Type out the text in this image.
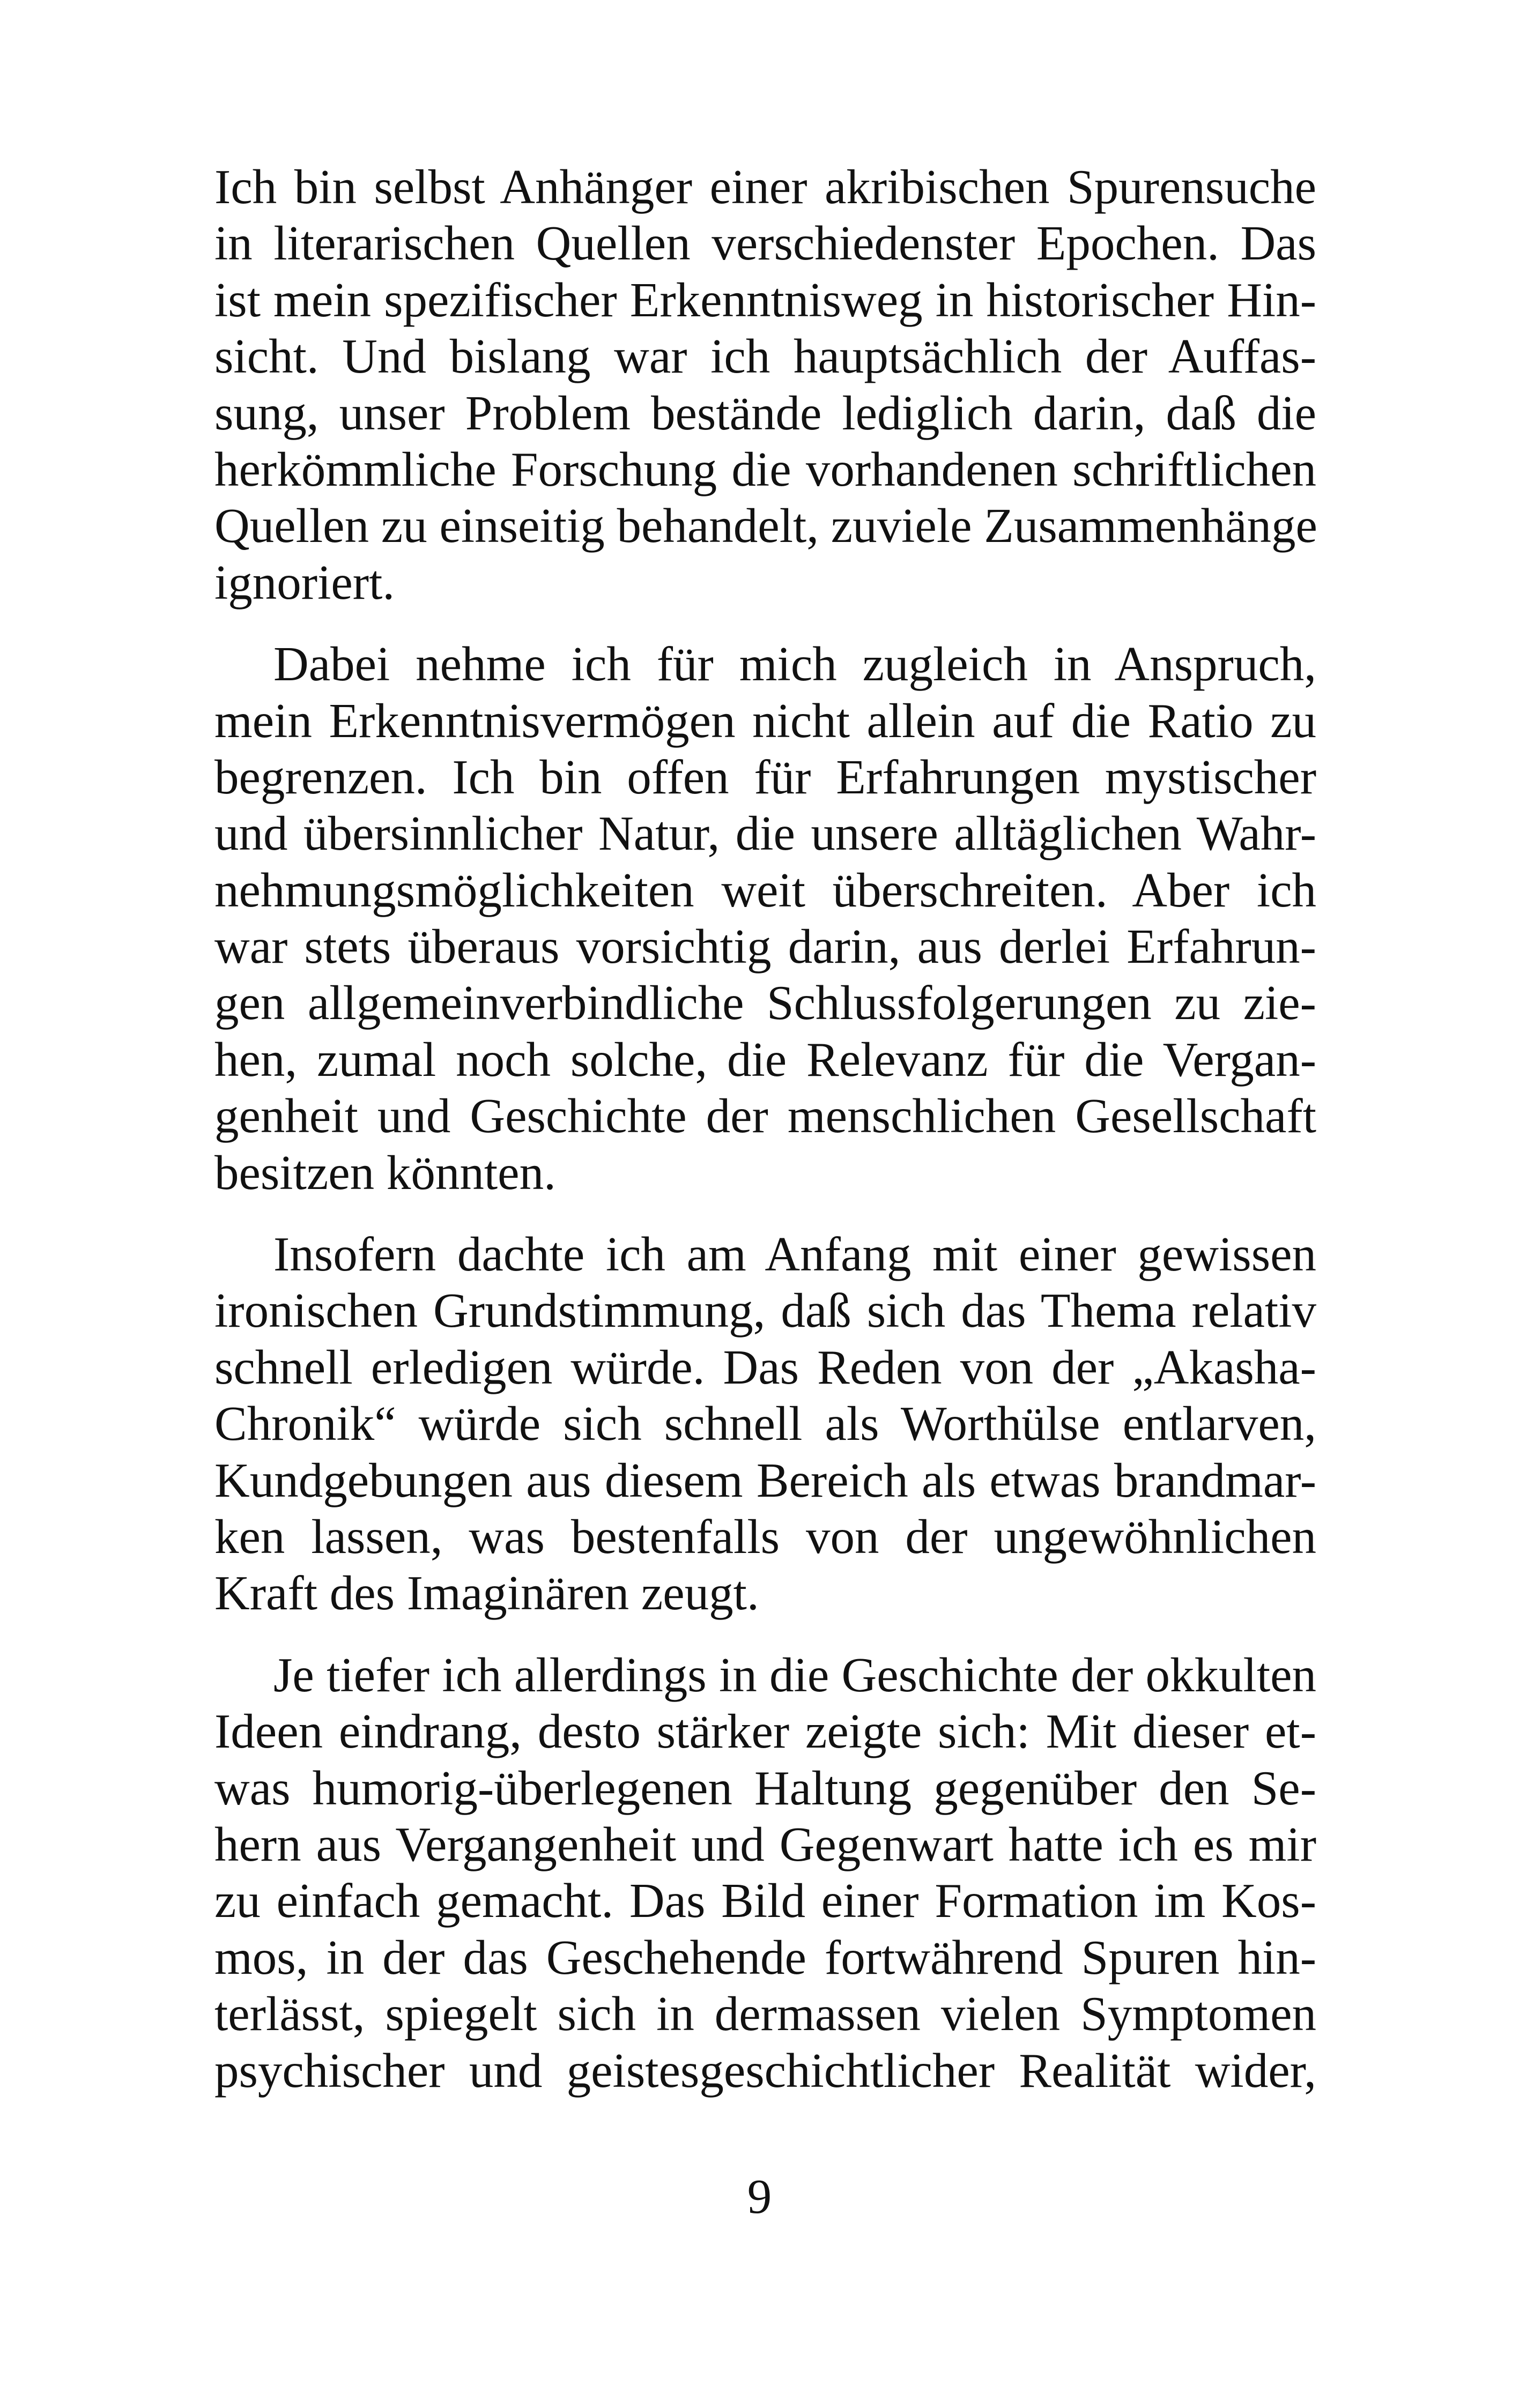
Ich bin selbst Anhänger einer akribischen Spurensuche
in literarischen Quellen verschiedenster Epochen. Das
ist mein spezifischer Erkenntnisweg in historischer Hin-
sicht. Und bislang war ich hauptsächlich der Auffas-
sung, unser Problem bestände lediglich darin, daß die
herkömmliche Forschung die vorhandenen schriftlichen
Quellen zu einseitig behandelt, zuviele Zusammenhänge
ignoriert.
Dabei nehme ich für mich zugleich in Anspruch,
mein Erkenntnisvermögen nicht allein auf die Ratio zu
begrenzen. Ich bin offen für Erfahrungen mystischer
und übersinnlicher Natur, die unsere alltäglichen Wahr-
nehmungsmöglichkeiten weit überschreiten. Aber ich
war stets überaus vorsichtig darin, aus derlei Erfahrun-
gen allgemeinverbindliche Schlussfolgerungen zu zie-
hen, zumal noch solche, die Relevanz für die Vergan-
genheit und Geschichte der menschlichen Gesellschaft
besitzen könnten.
Insofern dachte ich am Anfang mit einer gewissen
ironischen Grundstimmung, daß sich das Thema relativ
schnell erledigen würde. Das Reden von der „Akasha-
Chronik“ würde sich schnell als Worthülse entlarven,
Kundgebungen aus diesem Bereich als etwas brandmar-
ken lassen, was bestenfalls von der ungewöhnlichen
Kraft des Imaginären zeugt.
Je tiefer ich allerdings in die Geschichte der okkulten
Ideen eindrang, desto stärker zeigte sich: Mit dieser et-
was humorig-überlegenen Haltung gegenüber den Se-
hern aus Vergangenheit und Gegenwart hatte ich es mir
zu einfach gemacht. Das Bild einer Formation im Kos-
mos, in der das Geschehende fortwährend Spuren hin-
terlässt, spiegelt sich in dermassen vielen Symptomen
psychischer und geistesgeschichtlicher Realität wider,
9
